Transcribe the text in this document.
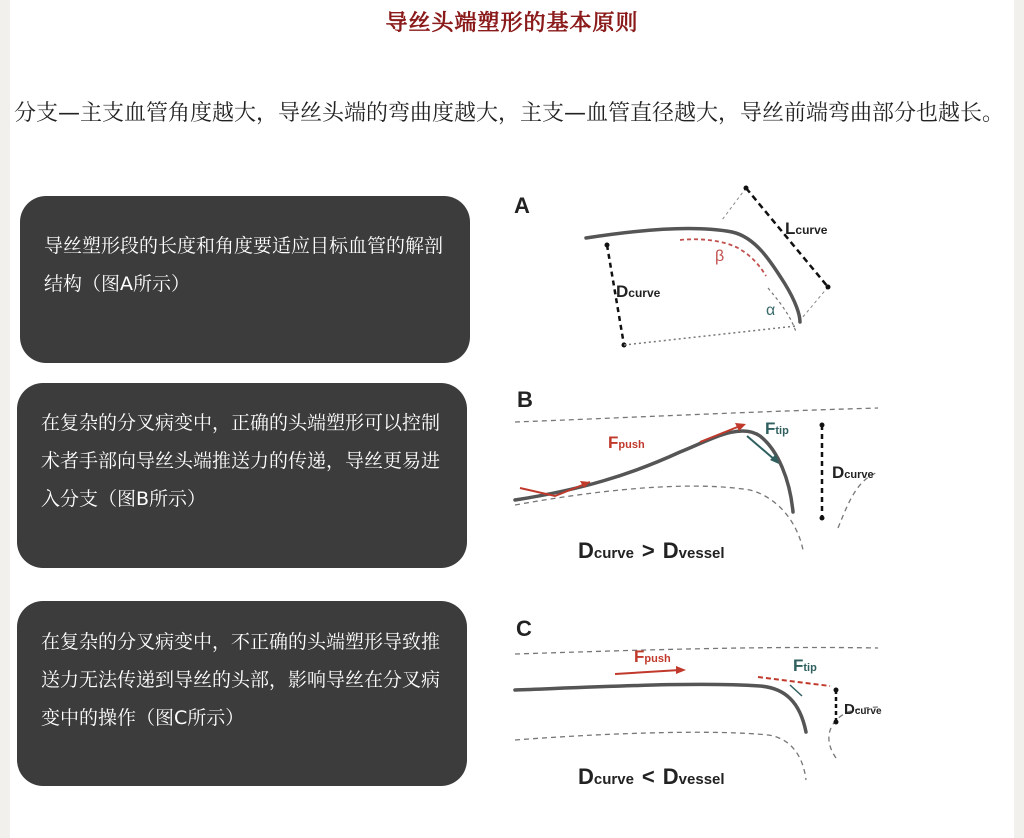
导丝头端塑形的基本原则
分支—主支血管角度越大，导丝头端的弯曲度越大，主支—血管直径越大，导丝前端弯曲部分也越长。
导丝塑形段的长度和角度要适应目标血管的解剖结构（图A所示）
在复杂的分叉病变中，正确的头端塑形可以控制术者手部向导丝头端推送力的传递，导丝更易进入分支（图B所示）
在复杂的分叉病变中，不正确的头端塑形导致推送力无法传递到导丝的头部，影响导丝在分叉病变中的操作（图C所示）
A
Lcurve
Dcurve
β
α
B
Fpush
Ftip
Dcurve
Dcurve > Dvessel
C
Fpush	Ftip
Dcurve
Dcurve < Dvessel
